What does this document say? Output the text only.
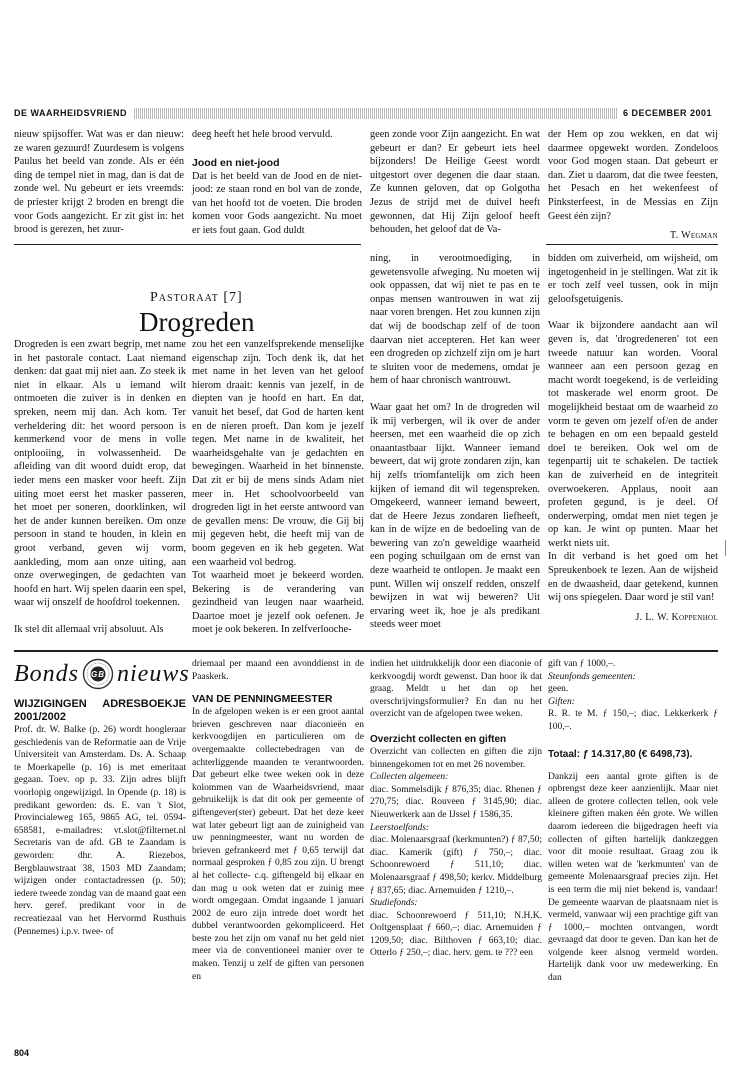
DE WAARHEIDSVRIEND	6 DECEMBER 2001

nieuw spijsoffer. Wat was er dan nieuw: ze waren gezuurd! Zuurdesem is volgens Paulus het beeld van zonde. Als er één ding de tempel niet in mag, dan is dat de zonde wel. Nu gebeurt er iets vreemds: de priester krijgt 2 broden en brengt die voor Gods aangezicht. Er zit gist in: het brood is gerezen, het zuur-

deeg heeft het hele brood vervuld.

Jood en niet-jood

Dat is het beeld van de Jood en de niet-jood: ze staan rond en bol van de zonde, van het hoofd tot de voeten. Die broden komen voor Gods aangezicht. Nu moet er iets fout gaan. God duldt

geen zonde voor Zijn aangezicht. En wat gebeurt er dan? Er gebeurt iets heel bijzonders! De Heilige Geest wordt uitgestort over degenen die daar staan. Ze kunnen geloven, dat op Golgotha Jezus de strijd met de duivel heeft gewonnen, dat Hij Zijn geloof heeft behouden, het geloof dat de Va-

der Hem op zou wekken, en dat wij daarmee opgewekt worden. Zondeloos voor God mogen staan. Dat gebeurt er dan. Ziet u daarom, dat die twee feesten, het Pesach en het wekenfeest of Pinksterfeest, in de Messias en Zijn Geest één zijn?

T. Wegman
Pastoraat [7]
Drogreden

Drogreden is een zwart begrip, met name in het pastorale contact. Laat niemand denken: dat gaat mij niet aan. Zo steek ik niet in elkaar. Als u iemand wilt ontmoeten die zuiver is in denken en spreken, neem mij dan. Ach kom. Ter verheldering dit: het woord persoon is kenmerkend voor de mens in volle ontplooiing, in volwassenheid. De afleiding van dit woord duidt erop, dat ieder mens een masker voor heeft. Zijn uiting moet eerst het masker passeren, het moet per soneren, doorklinken, wil het de ander kunnen bereiken. Om onze persoon in stand te houden, in klein en groot verband, geven wij vorm, aankleding, mom aan onze uiting, aan onze overwegingen, de gedachten van hoofd en hart. Wij spelen daarin een spel, waar wij onszelf de hoofdrol toekennen.

Ik stel dit allemaal vrij absoluut. Als

zou het een vanzelfsprekende menselijke eigenschap zijn. Toch denk ik, dat het met name in het leven van het geloof hierom draait: kennis van jezelf, in de diepten van je hoofd en hart. En dat, vanuit het besef, dat God de harten kent en de nieren proeft. Dan kom je jezelf tegen. Met name in de kwaliteit, het waarheidsgehalte van je gedachten en bewegingen. Waarheid in het binnenste. Dat zit er bij de mens sinds Adam niet meer in. Het schoolvoorbeeld van drogreden ligt in het eerste antwoord van de gevallen mens: De vrouw, die Gij bij mij gegeven hebt, die heeft mij van de boom gegeven en ik heb gegeten. Wat een waarheid vol bedrog.

Tot waarheid moet je bekeerd worden. Bekering is de verandering van gezindheid van leugen naar waarheid. Daartoe moet je jezelf ook oefenen. Je moet je ook bekeren. In zelfverlooche-

ning, in verootmoediging, in gewetensvolle afweging. Nu moeten wij ook oppassen, dat wij niet te pas en te onpas mensen wantrouwen in wat zij naar voren brengen. Het zou kunnen zijn dat wij de boodschap zelf of de toon daarvan niet accepteren. Het kan weer een drogreden op zichzelf zijn om je hart te sluiten voor de medemens, omdat je hem of haar chronisch wantrouwt.

Waar gaat het om? In de drogreden wil ik mij verbergen, wil ik over de ander heersen, met een waarheid die op zich onaantastbaar lijkt. Wanneer iemand beweert, dat wij grote zondaren zijn, kan hij zelfs triomfantelijk om zich heen kijken of iemand dit wil tegenspreken. Omgekeerd, wanneer iemand beweert, dat de Heere Jezus zondaren liefheeft, kan in de wijze en de bedoeling van de bewering van zo'n geweldige waarheid een poging schuilgaan om de ernst van deze waarheid te ontlopen. Je maakt een punt. Willen wij onszelf redden, onszelf bewijzen in wat wij beweren? Uit ervaring weet ik, hoe je als predikant steeds weer moet

bidden om zuiverheid, om wijsheid, om ingetogenheid in je stellingen. Wat zit ik er toch zelf veel tussen, ook in mijn geloofsgetuigenis.

Waar ik bijzondere aandacht aan wil geven is, dat 'drogredeneren' tot een tweede natuur kan worden. Vooral wanneer aan een persoon gezag en macht wordt toegekend, is de verleiding tot maskerade wel enorm groot. De mogelijkheid bestaat om de waarheid zo vorm te geven om jezelf of/en de ander te behagen en om een bepaald gesteld doel te bereiken. Ook wel om de tegenpartij uit te schakelen. De tactiek kan de zuiverheid en de integriteit overwoekeren. Applaus, nooit aan profeten gegund, is je deel. Of onderwerping, omdat men niet tegen je op kan. Je wint op punten. Maar het werkt niets uit.

In dit verband is het goed om het Spreukenboek te lezen. Aan de wijsheid en de dwaasheid, daar getekend, kunnen wij ons spiegelen. Daar word je stil van!

J. L. W. Koppenhol
Bonds GB nieuws

WIJZIGINGEN ADRESBOEKJE 2001/2002

Prof. dr. W. Balke (p. 26) wordt hoogleraar geschiedenis van de Reformatie aan de Vrije Universiteit van Amsterdam. Ds. A. Schaap te Moerkapelle (p. 16) is met emeritaat gegaan. Toev. op p. 33. Zijn adres blijft voorlopig ongewijzigd. In Opende (p. 18) is predikant geworden: ds. E. van 't Slot, Provincialeweg 165, 9865 AG, tel. 0594-658581, e-mailadres: vt.slot@filternet.nl Secretaris van de afd. GB te Zaandam is geworden: dhr. A. Riezebos, Bergblauwstraat 38, 1503 MD Zaandam; wijzigen onder contactadressen (p. 50); iedere tweede zondag van de maand gaat een herv. geref. predikant voor in de recreatiezaal van het Hervormd Rusthuis (Pennemes) i.p.v. twee- of

driemaal per maand een avonddienst in de Paaskerk.

VAN DE PENNINGMEESTER

In de afgelopen weken is er een groot aantal brieven geschreven naar diaconieën en kerkvoogdijen en particulieren om de overgemaakte collectebedragen van de achterliggende maanden te verantwoorden. Dat gebeurt elke twee weken ook in deze kolommen van de Waarheidsvriend, maar gebruikelijk is dat dit ook per gemeente of giftengever(ster) gebeurt. Dat het deze keer wat later gebeurt ligt aan de zuinigheid van uw penningmeester, want nu worden de brieven gefrankeerd met ƒ 0,65 terwijl dat normaal gesproken ƒ 0,85 zou zijn. U brengt al het collecte- c.q. giftengeld bij elkaar en dan mag u ook weten dat er zuinig mee wordt omgegaan. Omdat ingaande 1 januari 2002 de euro zijn intrede doet wordt het dubbel verantwoorden gekompliceerd. Het beste zou het zijn om vanaf nu het geld niet meer via de conventioneel manier over te maken. Tenzij u zelf de giften van personen en

indien het uitdrukkelijk door een diaconie of kerkvoogdij wordt gewenst. Dan hoor ik dat graag. Meldt u het dan op het overschrijvingsformulier? En dan nu het overzicht van de afgelopen twee weken.

Overzicht collecten en giften

Overzicht van collecten en giften die zijn binnengekomen tot en met 26 november.

Collecten algemeen:

diac. Sommelsdijk ƒ 876,35; diac. Rhenen ƒ 270,75; diac. Rouveen ƒ 3145,90; diac. Nieuwerkerk aan de IJssel ƒ 1586,35.

Leerstoelfonds:

diac. Molenaarsgraaf (kerkmunten?) ƒ 87,50; diac. Kamerik (gift) ƒ 750,–; diac. Schoonrewoerd ƒ 511,10; diac. Molenaarsgraaf ƒ 498,50; kerkv. Middelburg ƒ 837,65; diac. Arnemuiden ƒ 1210,–.

Studiefonds:

diac. Schoonrewoerd ƒ 511,10; N.H.K. Ooltgensplaat ƒ 660,–; diac. Arnemuiden ƒ 1209,50; diac. Bilthoven ƒ 663,10; diac. Otterlo ƒ 250,–; diac. herv. gem. te ??? een

gift van ƒ 1000,–.

Steunfonds gemeenten:

geen.

Giften:

R. R. te M. ƒ 150,–; diac. Lekkerkerk ƒ 100,–.

Totaal: ƒ 14.317,80 (€ 6498,73).

Dankzij een aantal grote giften is de opbrengst deze keer aanzienlijk. Maar niet alleen de grotere collecten tellen, ook vele kleinere giften maken één grote. We willen daarom iedereen die bijgedragen heeft via collecten of giften hartelijk dankzeggen voor dit mooie resultaat. Graag zou ik willen weten wat de 'kerkmunten' van de gemeente Molenaarsgraaf precies zijn. Het is een term die mij niet bekend is, vandaar! De gemeente waarvan de plaatsnaam niet is vermeld, vanwaar wij een prachtige gift van ƒ 1000,– mochten ontvangen, wordt gevraagd dat door te geven. Dan kan het de volgende keer alsnog vermeld worden. Hartelijk dank voor uw medewerking. En dan

804
